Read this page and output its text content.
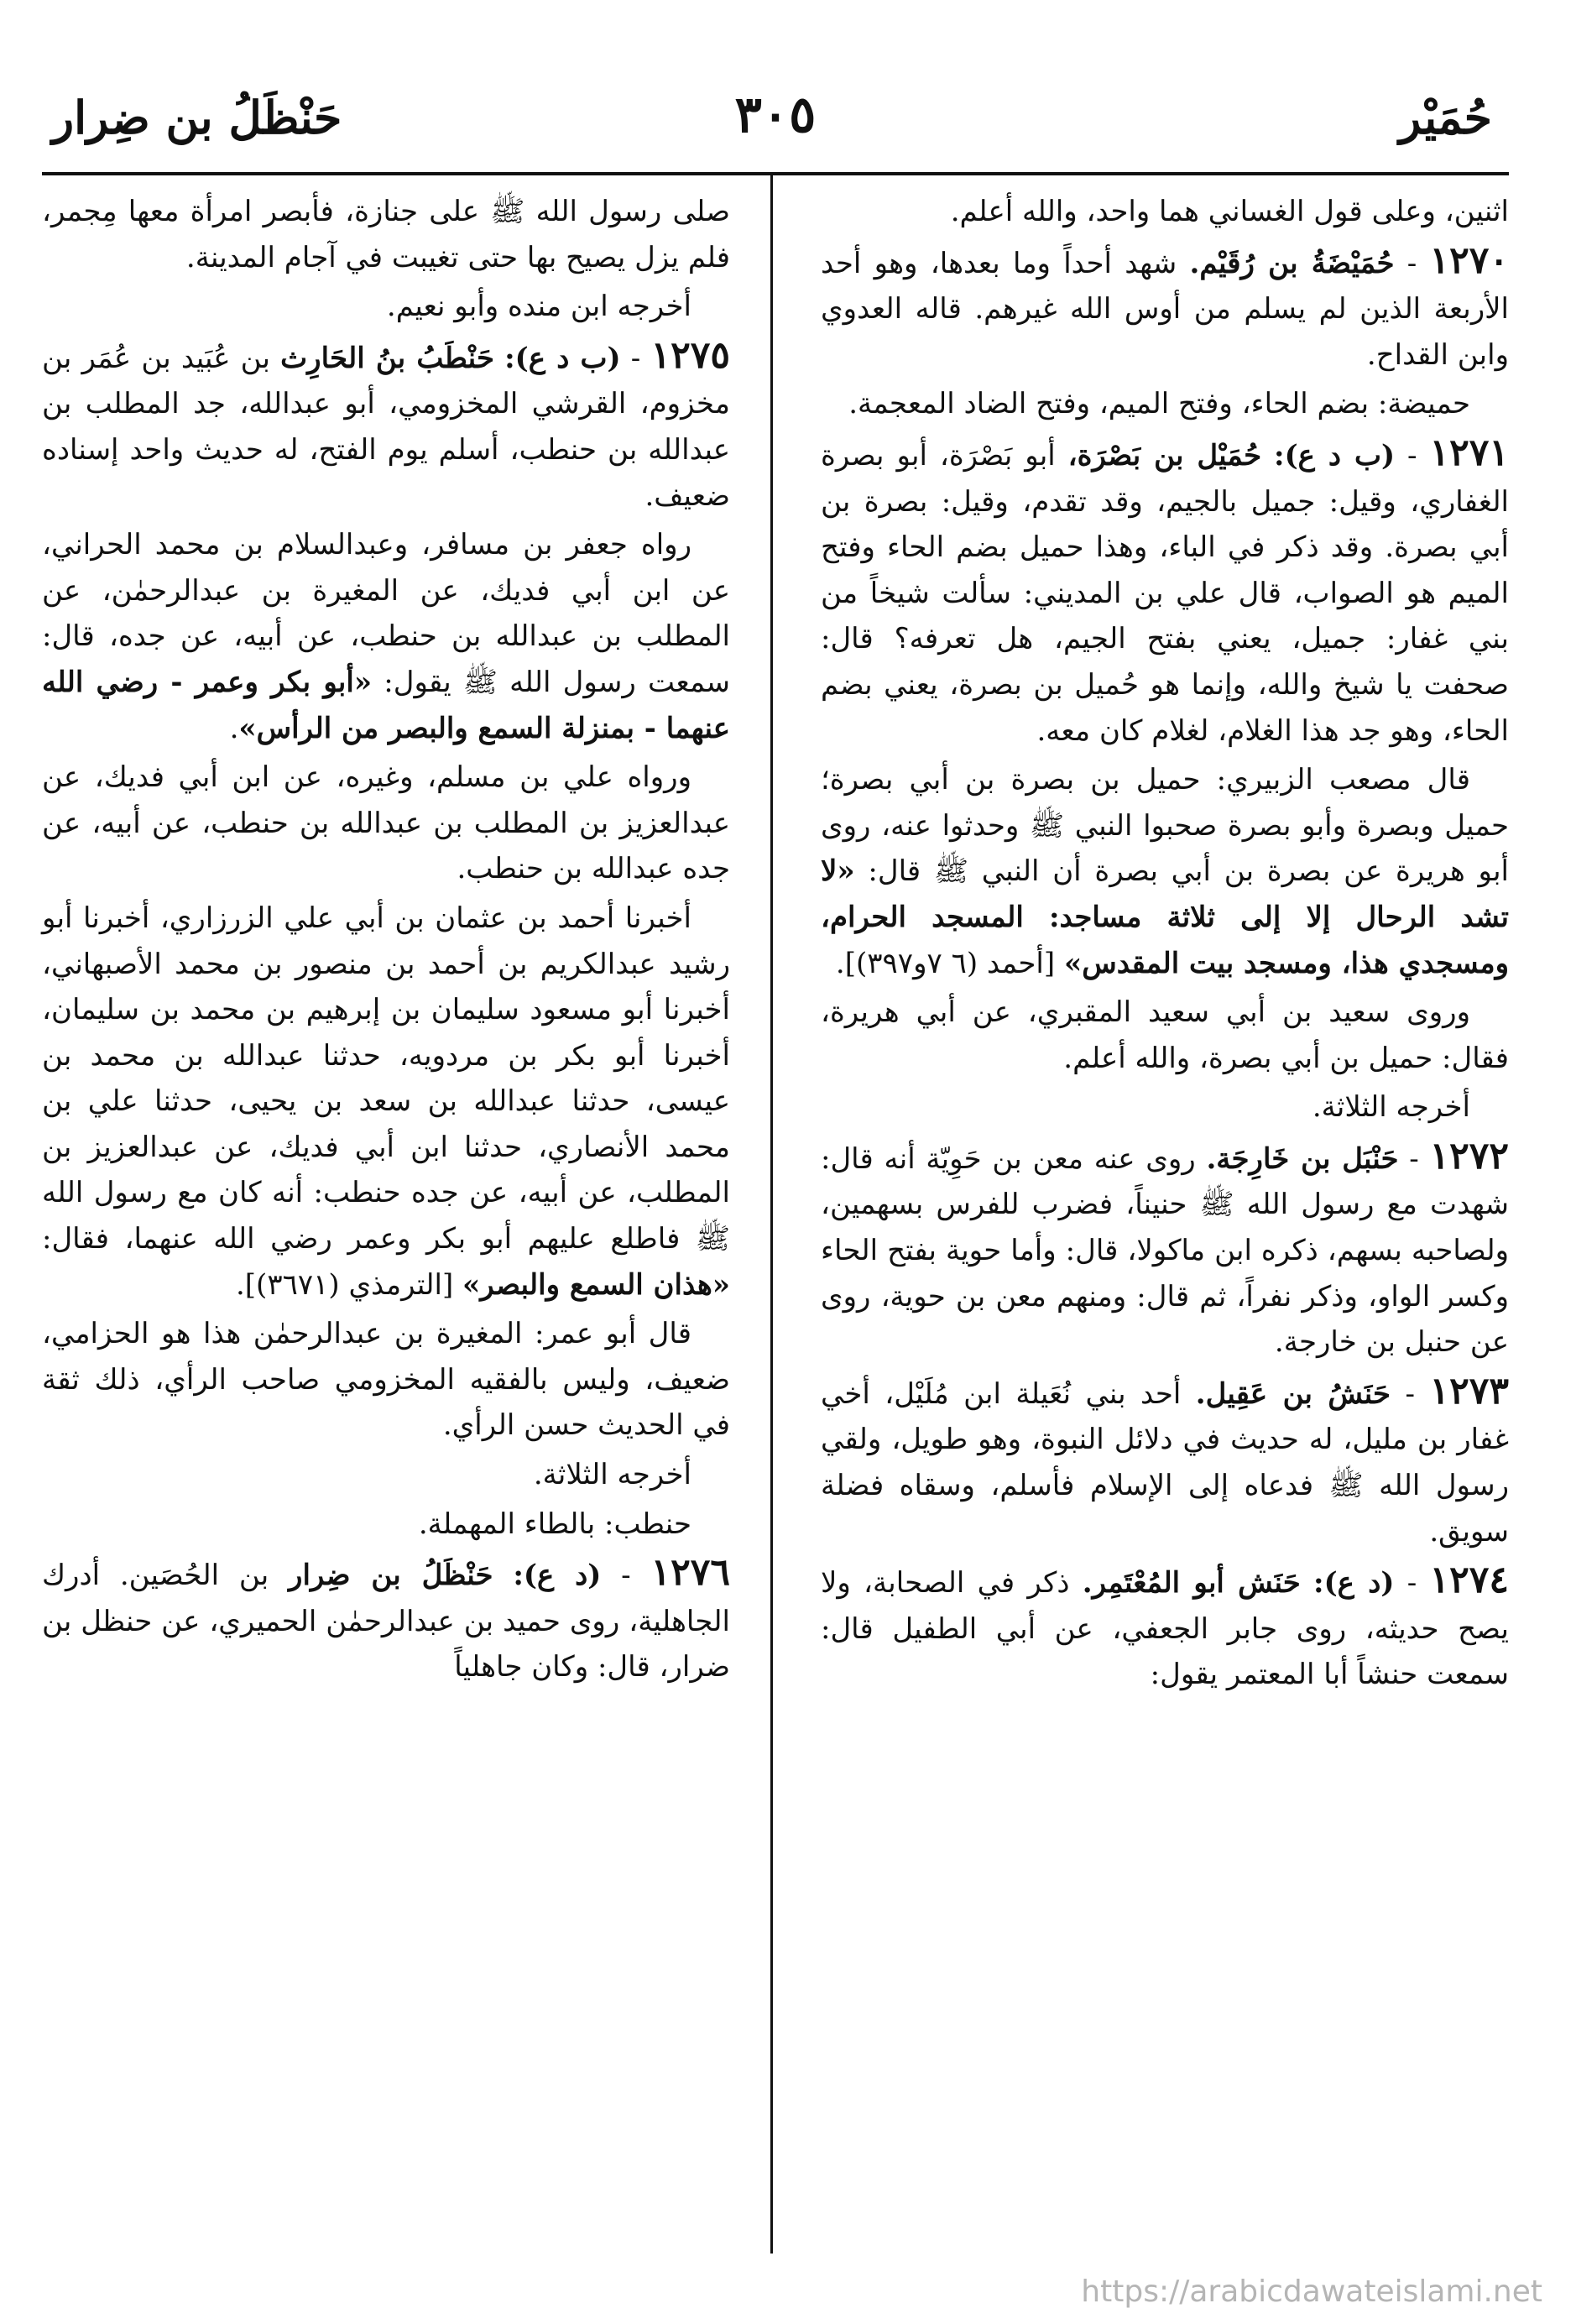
حُمَيْر
٣٠٥
حَنْظَلُ بن ضِرار

اثنين، وعلى قول الغساني هما واحد، والله أعلم.

١٢٧٠ - حُمَيْضَةُ بن رُقَيْم. شهد أحداً وما بعدها، وهو أحد الأربعة الذين لم يسلم من أوس الله غيرهم. قاله العدوي وابن القداح.

حميضة: بضم الحاء، وفتح الميم، وفتح الضاد المعجمة.

١٢٧١ - (ب د ع): حُمَيْل بن بَصْرَة، أبو بَصْرَة، أبو بصرة الغفاري، وقيل: جميل بالجيم، وقد تقدم، وقيل: بصرة بن أبي بصرة. وقد ذكر في الباء، وهذا حميل بضم الحاء وفتح الميم هو الصواب، قال علي بن المديني: سألت شيخاً من بني غفار: جميل، يعني بفتح الجيم، هل تعرفه؟ قال: صحفت يا شيخ والله، وإنما هو حُميل بن بصرة، يعني بضم الحاء، وهو جد هذا الغلام، لغلام كان معه.

قال مصعب الزبيري: حميل بن بصرة بن أبي بصرة؛ حميل وبصرة وأبو بصرة صحبوا النبي ﷺ وحدثوا عنه، روى أبو هريرة عن بصرة بن أبي بصرة أن النبي ﷺ قال: «لا تشد الرحال إلا إلى ثلاثة مساجد: المسجد الحرام، ومسجدي هذا، ومسجد بيت المقدس» [أحمد (٦ ٧و٣٩٧)].

وروى سعيد بن أبي سعيد المقبري، عن أبي هريرة، فقال: حميل بن أبي بصرة، والله أعلم.

أخرجه الثلاثة.

١٢٧٢ - حَنْبَل بن خَارِجَة. روى عنه معن بن حَوِيّة أنه قال: شهدت مع رسول الله ﷺ حنيناً، فضرب للفرس بسهمين، ولصاحبه بسهم، ذكره ابن ماكولا، قال: وأما حوية بفتح الحاء وكسر الواو، وذكر نفراً، ثم قال: ومنهم معن بن حوية، روى عن حنبل بن خارجة.

١٢٧٣ - حَنَشُ بن عَقِيل. أحد بني نُعَيلة ابن مُلَيْل، أخي غفار بن مليل، له حديث في دلائل النبوة، وهو طويل، ولقي رسول الله ﷺ فدعاه إلى الإسلام فأسلم، وسقاه فضلة سويق.

١٢٧٤ - (د ع): حَنَش أبو المُعْتَمِر. ذكر في الصحابة، ولا يصح حديثه، روى جابر الجعفي، عن أبي الطفيل قال: سمعت حنشاً أبا المعتمر يقول:

صلى رسول الله ﷺ على جنازة، فأبصر امرأة معها مِجمر، فلم يزل يصيح بها حتى تغيبت في آجام المدينة.

أخرجه ابن منده وأبو نعيم.

١٢٧٥ - (ب د ع): حَنْطَبُ بنُ الحَارِث بن عُبَيد بن عُمَر بن مخزوم، القرشي المخزومي، أبو عبدالله، جد المطلب بن عبدالله بن حنطب، أسلم يوم الفتح، له حديث واحد إسناده ضعيف.

رواه جعفر بن مسافر، وعبدالسلام بن محمد الحراني، عن ابن أبي فديك، عن المغيرة بن عبدالرحمٰن، عن المطلب بن عبدالله بن حنطب، عن أبيه، عن جده، قال: سمعت رسول الله ﷺ يقول: «أبو بكر وعمر - رضي الله عنهما - بمنزلة السمع والبصر من الرأس».

ورواه علي بن مسلم، وغيره، عن ابن أبي فديك، عن عبدالعزيز بن المطلب بن عبدالله بن حنطب، عن أبيه، عن جده عبدالله بن حنطب.

أخبرنا أحمد بن عثمان بن أبي علي الزرزاري، أخبرنا أبو رشيد عبدالكريم بن أحمد بن منصور بن محمد الأصبهاني، أخبرنا أبو مسعود سليمان بن إبرهيم بن محمد بن سليمان، أخبرنا أبو بكر بن مردويه، حدثنا عبدالله بن محمد بن عيسى، حدثنا عبدالله بن سعد بن يحيى، حدثنا علي بن محمد الأنصاري، حدثنا ابن أبي فديك، عن عبدالعزيز بن المطلب، عن أبيه، عن جده حنطب: أنه كان مع رسول الله ﷺ فاطلع عليهم أبو بكر وعمر رضي الله عنهما، فقال: «هذان السمع والبصر» [الترمذي (٣٦٧١)].

قال أبو عمر: المغيرة بن عبدالرحمٰن هذا هو الحزامي، ضعيف، وليس بالفقيه المخزومي صاحب الرأي، ذلك ثقة في الحديث حسن الرأي.

أخرجه الثلاثة.

حنطب: بالطاء المهملة.

١٢٧٦ - (د ع): حَنْظَلُ بن ضِرار بن الحُصَين. أدرك الجاهلية، روى حميد بن عبدالرحمٰن الحميري، عن حنظل بن ضرار، قال: وكان جاهلياً

https://arabicdawateislami.net
